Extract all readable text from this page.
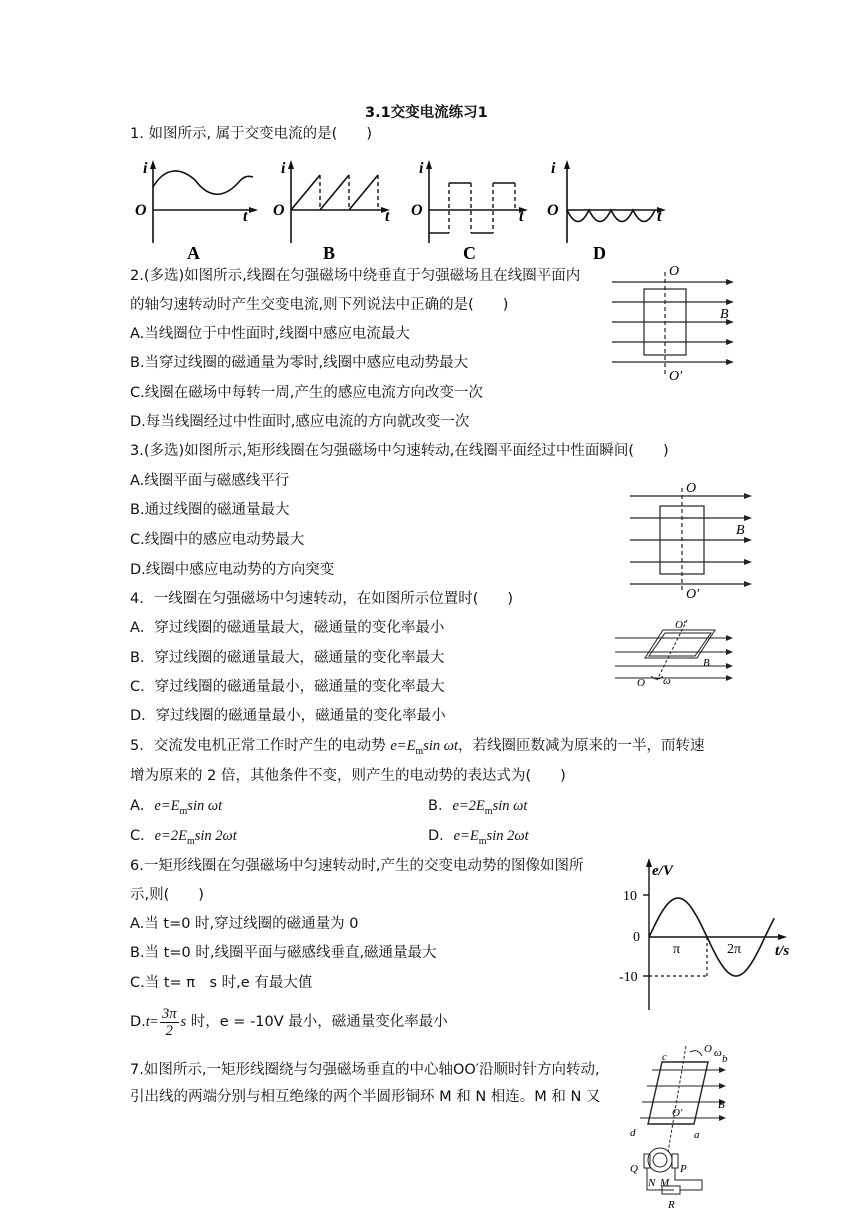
3.1交变电流练习1
1. 如图所示, 属于交变电流的是(　　)
i
O	t
A
i
O	t
B
i
O	t
C
i
O	t
D
2.(多选)如图所示,线圈在匀强磁场中绕垂直于匀强磁场且在线圈平面内
的轴匀速转动时产生交变电流,则下列说法中正确的是(　　)
A.当线圈位于中性面时,线圈中感应电流最大
B.当穿过线圈的磁通量为零时,线圈中感应电动势最大
C.线圈在磁场中每转一周,产生的感应电流方向改变一次
D.每当线圈经过中性面时,感应电流的方向就改变一次
O
O′
B
3.(多选)如图所示,矩形线圈在匀强磁场中匀速转动,在线圈平面经过中性面瞬间(　　)
A.线圈平面与磁感线平行
B.通过线圈的磁通量最大
C.线圈中的感应电动势最大
D.线圈中感应电动势的方向突变
O
O′
B
4．一线圈在匀强磁场中匀速转动，在如图所示位置时(　　)
A．穿过线圈的磁通量最大，磁通量的变化率最小
B．穿过线圈的磁通量最大，磁通量的变化率最大
C．穿过线圈的磁通量最小，磁通量的变化率最大
D．穿过线圈的磁通量最小，磁通量的变化率最小
O′
O
B
ω
5．交流发电机正常工作时产生的电动势 $e=E_m\sin$ ωt，若线圈匝数减为原来的一半，而转速
增为原来的 2 倍，其他条件不变，则产生的电动势的表达式为(　　)
A．$e=E_m\sin$ ωt	B．$e=2E_m\sin$ ωt
C．$e=2E_m\sin$ 2ωt	D．$e=E_m\sin$ 2ωt
6.一矩形线圈在匀强磁场中匀速转动时,产生的交变电动势的图像如图所
示,则(　　)
A.当 t=0 时,穿过线圈的磁通量为 0
B.当 t=0 时,线圈平面与磁感线垂直,磁通量最大
C.当 t= π　s 时,e 有最大值
$D.t= \frac{3\pi}{2}$ s 时，e = -10V 最小，磁通量变化率最小
e/V
t/s
10
0
-10
π	2π
7.如图所示,一矩形线圈绕与匀强磁场垂直的中心轴OO′沿顺时针方向转动,
引出线的两端分别与相互绝缘的两个半圆形铜环 M 和 N 相连。M 和 N 又
O ω
c	b
B
O′
d	a
Q	P
N M
R
